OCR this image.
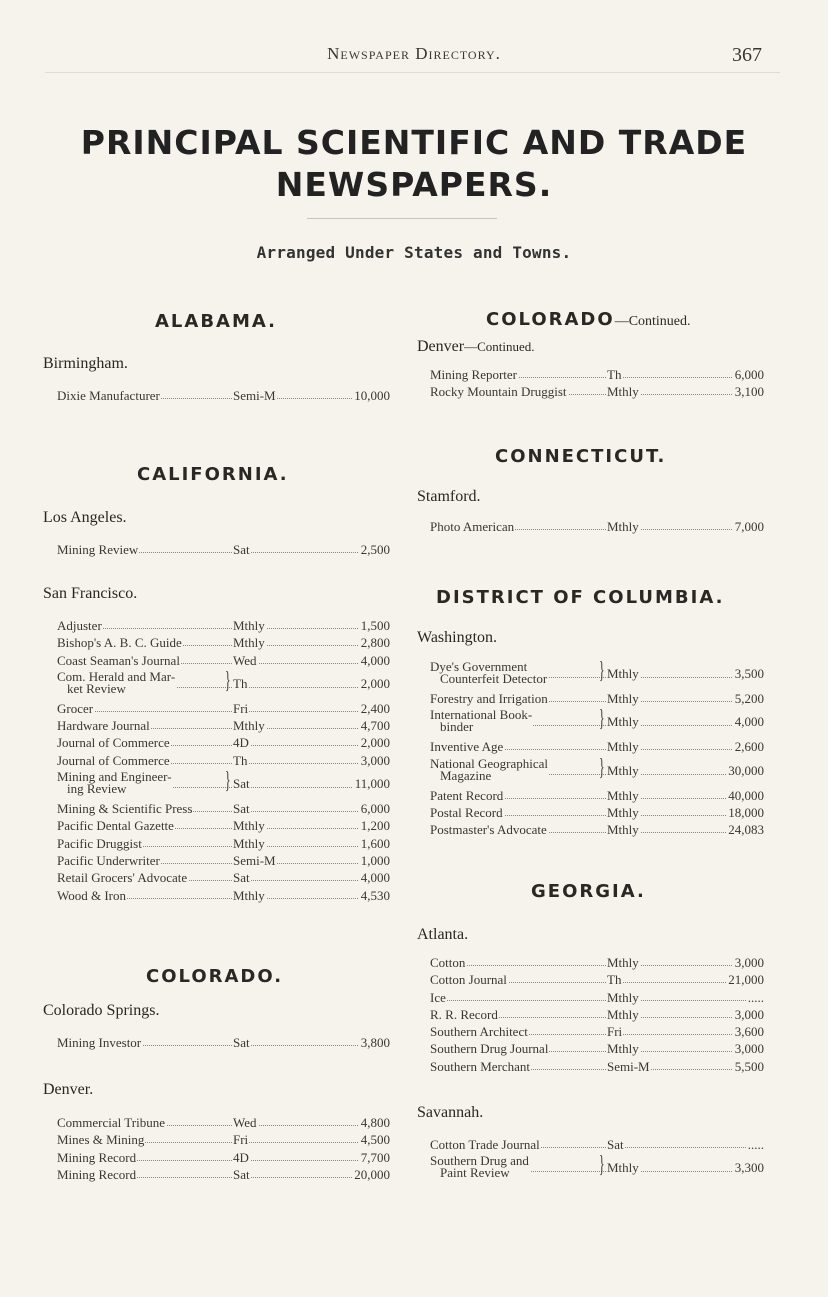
Newspaper Directory.	367
PRINCIPAL SCIENTIFIC AND TRADE
NEWSPAPERS.
Arranged Under States and Towns.
ALABAMA.
Birmingham.
Dixie Manufacturer	Semi-M	10,000
CALIFORNIA.
Los Angeles.
Mining Review	Sat	2,500
San Francisco.
Adjuster	Mthly	1,500
Bishop's A. B. C. Guide	Mthly	2,800
Coast Seaman's Journal	Wed	4,000
Com. Herald and Mar-
ket Review	} Th	2,000
Grocer	Fri	2,400
Hardware Journal	Mthly	4,700
Journal of Commerce	4D	2,000
Journal of Commerce	Th	3,000
Mining and Engineer-
ing Review	} Sat	11,000
Mining & Scientific Press	Sat	6,000
Pacific Dental Gazette	Mthly	1,200
Pacific Druggist	Mthly	1,600
Pacific Underwriter	Semi-M	1,000
Retail Grocers' Advocate	Sat	4,000
Wood & Iron	Mthly	4,530
COLORADO.
Colorado Springs.
Mining Investor	Sat	3,800
Denver.
Commercial Tribune	Wed	4,800
Mines & Mining	Fri	4,500
Mining Record	4D	7,700
Mining Record	Sat	20,000
COLORADO—Continued.
Denver—Continued.
Mining Reporter	Th	6,000
Rocky Mountain Druggist	Mthly	3,100
CONNECTICUT.
Stamford.
Photo American	Mthly	7,000
DISTRICT OF COLUMBIA.
Washington.
Dye's Government
Counterfeit Detector	} Mthly	3,500
Forestry and Irrigation	Mthly	5,200
International Book-
binder	} Mthly	4,000
Inventive Age	Mthly	2,600
National Geographical
Magazine	} Mthly	30,000
Patent Record	Mthly	40,000
Postal Record	Mthly	18,000
Postmaster's Advocate	Mthly	24,083
GEORGIA.
Atlanta.
Cotton	Mthly	3,000
Cotton Journal	Th	21,000
Ice	Mthly	.....
R. R. Record	Mthly	3,000
Southern Architect	Fri	3,600
Southern Drug Journal	Mthly	3,000
Southern Merchant	Semi-M	5,500
Savannah.
Cotton Trade Journal	Sat	.....
Southern Drug and
Paint Review	} Mthly	3,300
